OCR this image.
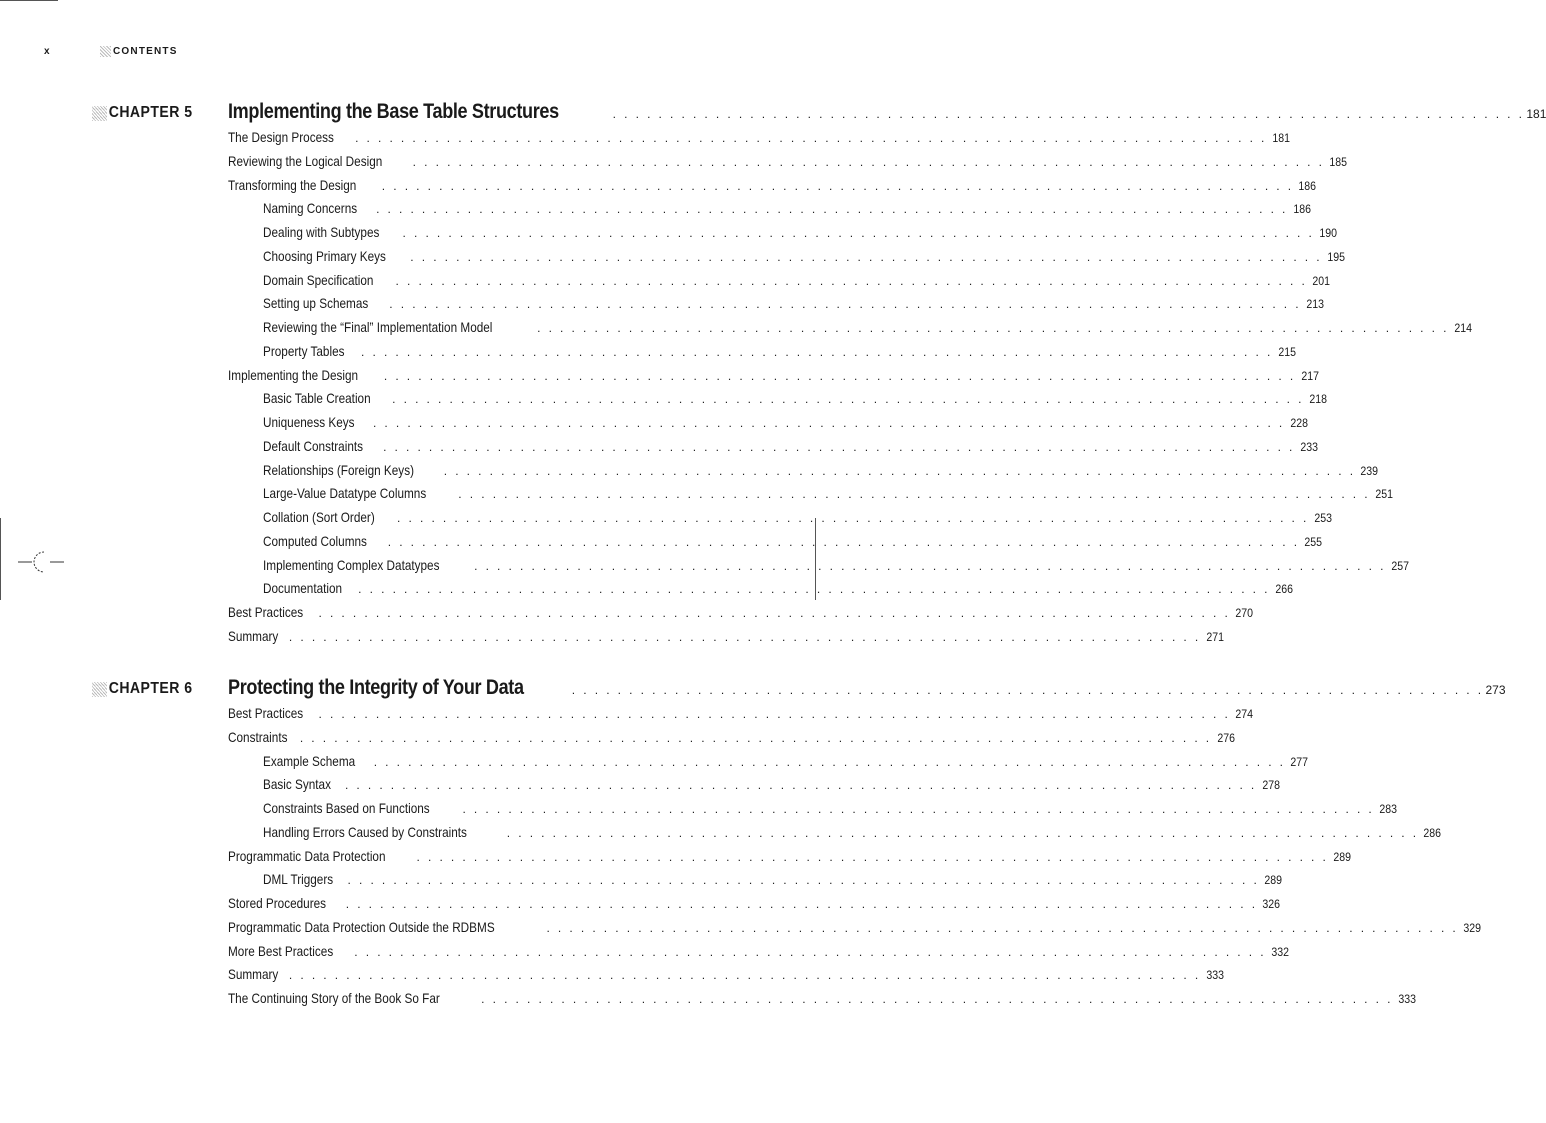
x	CONTENTS
CHAPTER 5 Implementing the Base Table Structures	. . . . . . . . . . . . . . . . . . . . . . . . . . . . . . . . . . . . . . . . . . . . . . . . . . . . . . . . . . . . . . . . . . . . . . . . . . . . . . . . 181
The Design Process . . . . . . . . . . . . . . . . . . . . . . . . . . . . . . . . . . . . . . . . . . . . . . . . . . . . . . . . . . . . . . . . . . . . . . . . . . . . . . . . 181
Reviewing the Logical Design	. . . . . . . . . . . . . . . . . . . . . . . . . . . . . . . . . . . . . . . . . . . . . . . . . . . . . . . . . . . . . . . . . . . . . . . . . . . . . . . . 185
Transforming the Design . . . . . . . . . . . . . . . . . . . . . . . . . . . . . . . . . . . . . . . . . . . . . . . . . . . . . . . . . . . . . . . . . . . . . . . . . . . . . . . . 186
Naming Concerns . . . . . . . . . . . . . . . . . . . . . . . . . . . . . . . . . . . . . . . . . . . . . . . . . . . . . . . . . . . . . . . . . . . . . . . . . . . . . . . . 186
Dealing with Subtypes . . . . . . . . . . . . . . . . . . . . . . . . . . . . . . . . . . . . . . . . . . . . . . . . . . . . . . . . . . . . . . . . . . . . . . . . . . . . . . . . 190
Choosing Primary Keys . . . . . . . . . . . . . . . . . . . . . . . . . . . . . . . . . . . . . . . . . . . . . . . . . . . . . . . . . . . . . . . . . . . . . . . . . . . . . . . . 195
Domain Specification . . . . . . . . . . . . . . . . . . . . . . . . . . . . . . . . . . . . . . . . . . . . . . . . . . . . . . . . . . . . . . . . . . . . . . . . . . . . . . . . 201
Setting up Schemas . . . . . . . . . . . . . . . . . . . . . . . . . . . . . . . . . . . . . . . . . . . . . . . . . . . . . . . . . . . . . . . . . . . . . . . . . . . . . . . . 213
Reviewing the “Final” Implementation Model	. . . . . . . . . . . . . . . . . . . . . . . . . . . . . . . . . . . . . . . . . . . . . . . . . . . . . . . . . . . . . . . . . . . . . . . . . . . . . . . . 214
Property Tables . . . . . . . . . . . . . . . . . . . . . . . . . . . . . . . . . . . . . . . . . . . . . . . . . . . . . . . . . . . . . . . . . . . . . . . . . . . . . . . . 215
Implementing the Design . . . . . . . . . . . . . . . . . . . . . . . . . . . . . . . . . . . . . . . . . . . . . . . . . . . . . . . . . . . . . . . . . . . . . . . . . . . . . . . . 217
Basic Table Creation . . . . . . . . . . . . . . . . . . . . . . . . . . . . . . . . . . . . . . . . . . . . . . . . . . . . . . . . . . . . . . . . . . . . . . . . . . . . . . . . 218
Uniqueness Keys . . . . . . . . . . . . . . . . . . . . . . . . . . . . . . . . . . . . . . . . . . . . . . . . . . . . . . . . . . . . . . . . . . . . . . . . . . . . . . . . 228
Default Constraints . . . . . . . . . . . . . . . . . . . . . . . . . . . . . . . . . . . . . . . . . . . . . . . . . . . . . . . . . . . . . . . . . . . . . . . . . . . . . . . . 233
Relationships (Foreign Keys) . . . . . . . . . . . . . . . . . . . . . . . . . . . . . . . . . . . . . . . . . . . . . . . . . . . . . . . . . . . . . . . . . . . . . . . . . . . . . . . . 239
Large-Value Datatype Columns	. . . . . . . . . . . . . . . . . . . . . . . . . . . . . . . . . . . . . . . . . . . . . . . . . . . . . . . . . . . . . . . . . . . . . . . . . . . . . . . . 251
Collation (Sort Order) . . . . . . . . . . . . . . . . . . . . . . . . . . . . . . . . . . . . . . . . . . . . . . . . . . . . . . . . . . . . . . . . . . . . . . . . . . . . . . . . 253
Computed Columns . . . . . . . . . . . . . . . . . . . . . . . . . . . . . . . . . . . . . . . . . . . . . . . . . . . . . . . . . . . . . . . . . . . . . . . . . . . . . . . . 255
Implementing Complex Datatypes	. . . . . . . . . . . . . . . . . . . . . . . . . . . . . . . . . . . . . . . . . . . . . . . . . . . . . . . . . . . . . . . . . . . . . . . . . . . . . . . . 257
Documentation . . . . . . . . . . . . . . . . . . . . . . . . . . . . . . . . . . . . . . . . . . . . . . . . . . . . . . . . . . . . . . . . . . . . . . . . . . . . . . . . 266
Best Practices . . . . . . . . . . . . . . . . . . . . . . . . . . . . . . . . . . . . . . . . . . . . . . . . . . . . . . . . . . . . . . . . . . . . . . . . . . . . . . . . 270
Summary . . . . . . . . . . . . . . . . . . . . . . . . . . . . . . . . . . . . . . . . . . . . . . . . . . . . . . . . . . . . . . . . . . . . . . . . . . . . . . . . 271
CHAPTER 6 Protecting the Integrity of Your Data	. . . . . . . . . . . . . . . . . . . . . . . . . . . . . . . . . . . . . . . . . . . . . . . . . . . . . . . . . . . . . . . . . . . . . . . . . . . . . . . . 273
Best Practices . . . . . . . . . . . . . . . . . . . . . . . . . . . . . . . . . . . . . . . . . . . . . . . . . . . . . . . . . . . . . . . . . . . . . . . . . . . . . . . . 274
Constraints . . . . . . . . . . . . . . . . . . . . . . . . . . . . . . . . . . . . . . . . . . . . . . . . . . . . . . . . . . . . . . . . . . . . . . . . . . . . . . . . 276
Example Schema . . . . . . . . . . . . . . . . . . . . . . . . . . . . . . . . . . . . . . . . . . . . . . . . . . . . . . . . . . . . . . . . . . . . . . . . . . . . . . . . 277
Basic Syntax . . . . . . . . . . . . . . . . . . . . . . . . . . . . . . . . . . . . . . . . . . . . . . . . . . . . . . . . . . . . . . . . . . . . . . . . . . . . . . . . 278
Constraints Based on Functions	. . . . . . . . . . . . . . . . . . . . . . . . . . . . . . . . . . . . . . . . . . . . . . . . . . . . . . . . . . . . . . . . . . . . . . . . . . . . . . . . 283
Handling Errors Caused by Constraints	. . . . . . . . . . . . . . . . . . . . . . . . . . . . . . . . . . . . . . . . . . . . . . . . . . . . . . . . . . . . . . . . . . . . . . . . . . . . . . . . 286
Programmatic Data Protection	. . . . . . . . . . . . . . . . . . . . . . . . . . . . . . . . . . . . . . . . . . . . . . . . . . . . . . . . . . . . . . . . . . . . . . . . . . . . . . . . 289
DML Triggers . . . . . . . . . . . . . . . . . . . . . . . . . . . . . . . . . . . . . . . . . . . . . . . . . . . . . . . . . . . . . . . . . . . . . . . . . . . . . . . . 289
Stored Procedures . . . . . . . . . . . . . . . . . . . . . . . . . . . . . . . . . . . . . . . . . . . . . . . . . . . . . . . . . . . . . . . . . . . . . . . . . . . . . . . . 326
Programmatic Data Protection Outside the RDBMS	. . . . . . . . . . . . . . . . . . . . . . . . . . . . . . . . . . . . . . . . . . . . . . . . . . . . . . . . . . . . . . . . . . . . . . . . . . . . . . . . 329
More Best Practices . . . . . . . . . . . . . . . . . . . . . . . . . . . . . . . . . . . . . . . . . . . . . . . . . . . . . . . . . . . . . . . . . . . . . . . . . . . . . . . . 332
Summary . . . . . . . . . . . . . . . . . . . . . . . . . . . . . . . . . . . . . . . . . . . . . . . . . . . . . . . . . . . . . . . . . . . . . . . . . . . . . . . . 333
The Continuing Story of the Book So Far	. . . . . . . . . . . . . . . . . . . . . . . . . . . . . . . . . . . . . . . . . . . . . . . . . . . . . . . . . . . . . . . . . . . . . . . . . . . . . . . . 333
